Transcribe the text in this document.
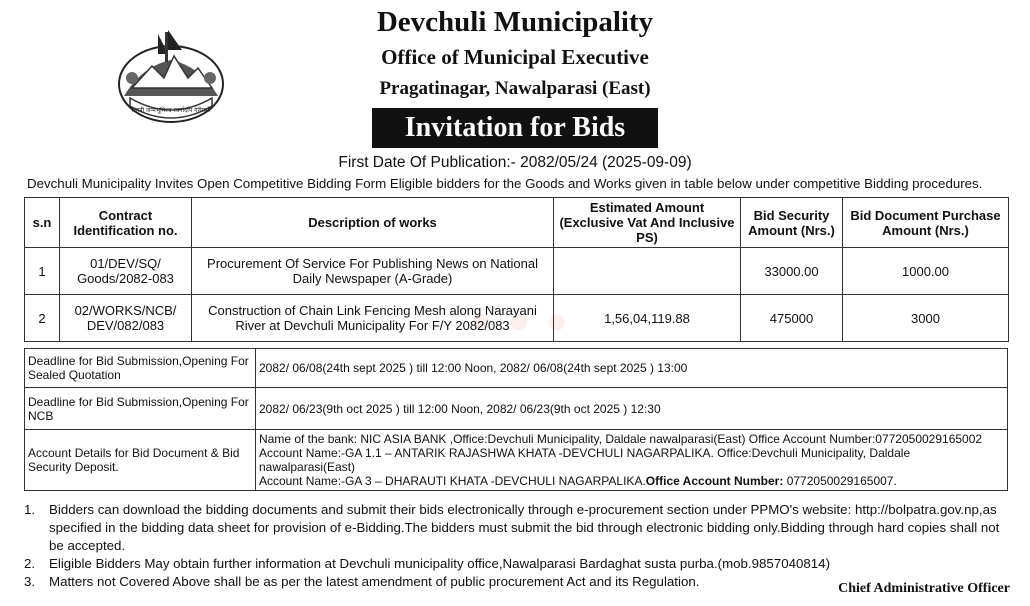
जननी जन्मभूमिश्च स्वर्गादपि गरीयसी
Devchuli Municipality
Office of Municipal Executive
Pragatinagar, Nawalparasi (East)
Invitation for Bids
First Date Of Publication:- 2082/05/24 (2025-09-09)
Devchuli Municipality Invites Open Competitive Bidding Form Eligible bidders for the Goods and Works given in table below under competitive Bidding procedures.
● ● ●
s.n	Contract Identification no.	Description of works	Estimated Amount (Exclusive Vat And Inclusive PS)	Bid Security Amount (Nrs.)	Bid Document Purchase Amount (Nrs.)
1	01/DEV/SQ/ Goods/2082-083	Procurement Of Service For Publishing News on National Daily Newspaper (A-Grade)		33000.00	1000.00
2	02/WORKS/NCB/ DEV/082/083	Construction of Chain Link Fencing Mesh along Narayani River at Devchuli Municipality For F/Y 2082/083	1,56,04,119.88	475000	3000
Deadline for Bid Submission,Opening For Sealed Quotation	2082/ 06/08(24th sept 2025 ) till 12:00 Noon, 2082/ 06/08(24th sept 2025 ) 13:00
Deadline for Bid Submission,Opening For NCB	2082/ 06/23(9th oct 2025 ) till 12:00 Noon, 2082/ 06/23(9th oct 2025 ) 12:30
Account Details for Bid Document & Bid Security Deposit.	Name of the bank: NIC ASIA BANK ,Office:Devchuli Municipality, Daldale nawalparasi(East) Office Account Number:0772050029165002
Account Name:-GA 1.1 – ANTARIK RAJASHWA KHATA -DEVCHULI NAGARPALIKA. Office:Devchuli Municipality, Daldale nawalparasi(East)
Account Name:-GA 3 – DHARAUTI KHATA -DEVCHULI NAGARPALIKA.Office Account Number: 0772050029165007.

1.	Bidders can download the bidding documents and submit their bids electronically through e-procurement section under PPMO's website: http://bolpatra.gov.np,as specified in the bidding data sheet for provision of e-Bidding.The bidders must submit the bid through electronic bidding only.Bidding through hard copies shall not be accepted.

2.	Eligible Bidders May obtain further information at Devchuli municipality office,Nawalparasi Bardaghat susta purba.(mob.9857040814)

3.	Matters not Covered Above shall be as per the latest amendment of public procurement Act and its Regulation.	Chief Administrative Officer
